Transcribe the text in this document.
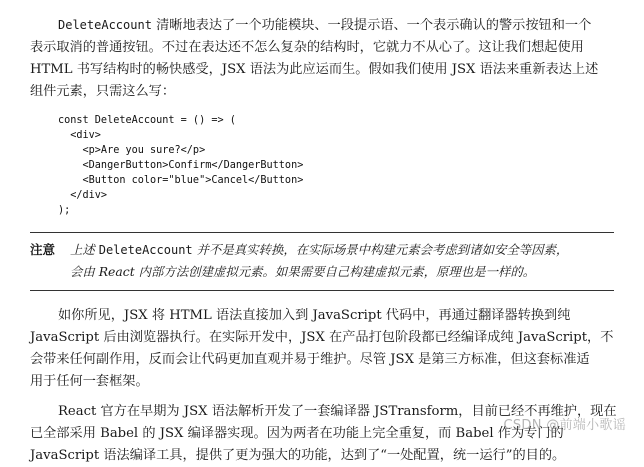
DeleteAccount 清晰地表达了一个功能模块、一段提示语、一个表示确认的警示按钮和一个
表示取消的普通按钮。不过在表达还不怎么复杂的结构时，它就力不从心了。这让我们想起使用
HTML 书写结构时的畅快感受，JSX 语法为此应运而生。假如我们使用 JSX 语法来重新表达上述
组件元素，只需这么写：

const DeleteAccount = () => (
<div>
<p>Are you sure?</p>
<DangerButton>Confirm</DangerButton>
<Button color="blue">Cancel</Button>
</div>
);
注意 上述 DeleteAccount 并不是真实转换，在实际场景中构建元素会考虑到诸如安全等因素，
会由 React 内部方法创建虚拟元素。如果需要自己构建虚拟元素，原理也是一样的。

如你所见，JSX 将 HTML 语法直接加入到 JavaScript 代码中，再通过翻译器转换到纯
JavaScript 后由浏览器执行。在实际开发中，JSX 在产品打包阶段都已经编译成纯 JavaScript，不
会带来任何副作用，反而会让代码更加直观并易于维护。尽管 JSX 是第三方标准，但这套标准适
用于任何一套框架。

React 官方在早期为 JSX 语法解析开发了一套编译器 JSTransform，目前已经不再维护，现在
已全部采用 Babel 的 JSX 编译器实现。因为两者在功能上完全重复，而 Babel 作为专门的
JavaScript 语法编译工具，提供了更为强大的功能，达到了“一处配置，统一运行”的目的。

CSDN @前端小歌谣
